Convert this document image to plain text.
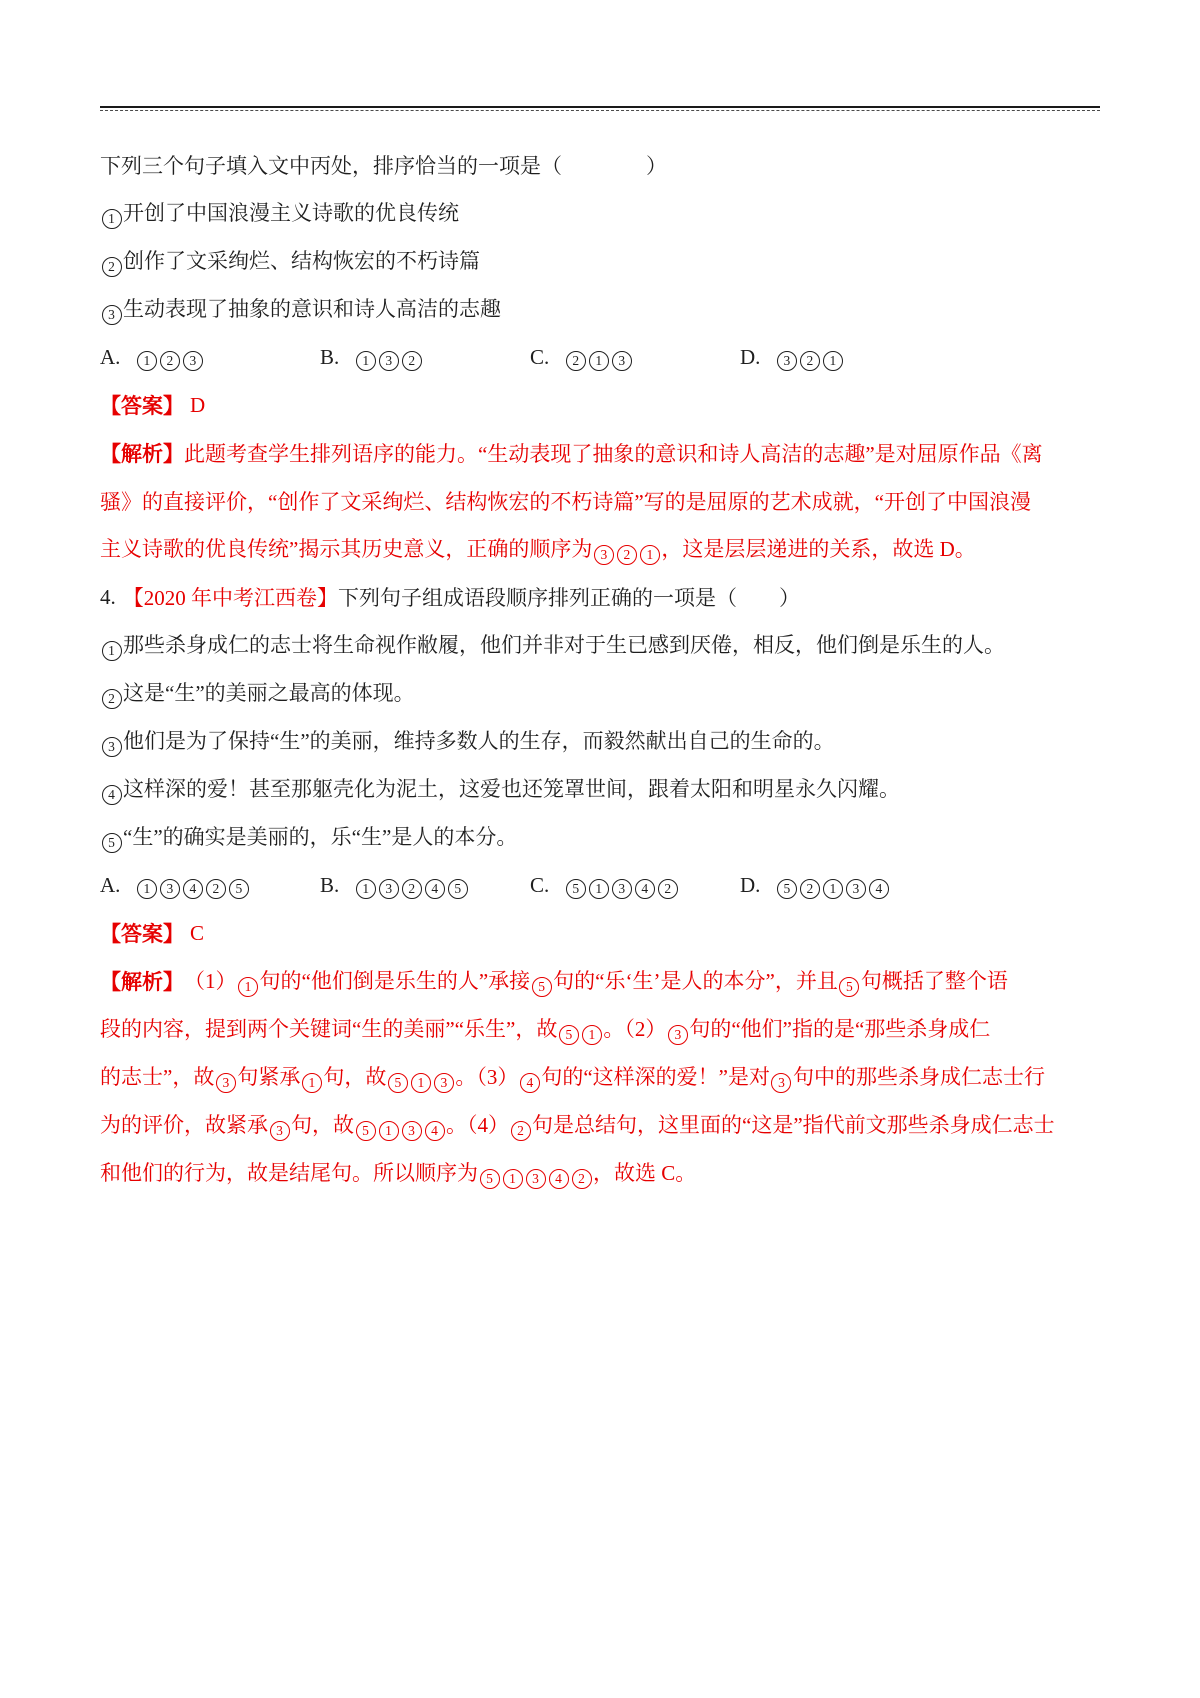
下列三个句子填入文中丙处，排序恰当的一项是（　　　　	）
1 开创了中国浪漫主义诗歌的优良传统
2 创作了文采绚烂、结构恢宏的不朽诗篇
3 生动表现了抽象的意识和诗人高洁的志趣
A.	1 2 3	B.	1 3 2	C.	2 1 3	D.	3 2 1
【答案】 D
【解析】 此题考查学生排列语序的能力。“生动表现了抽象的意识和诗人高洁的志趣”是对屈原作品《离
骚》的直接评价，“创作了文采绚烂、结构恢宏的不朽诗篇”写的是屈原的艺术成就，“开创了中国浪漫
主义诗歌的优良传统”揭示其历史意义，正确的顺序为 3 2 1 ，这是层层递进的关系，故选 D。
4. 【2020 年中考江西卷】 下列句子组成语段顺序排列正确的一项是（　　 ）
1 那些杀身成仁的志士将生命视作敝履，他们并非对于生已感到厌倦，相反，他们倒是乐生的人。
2 这是“生”的美丽之最高的体现。
3 他们是为了保持“生”的美丽，维持多数人的生存，而毅然献出自己的生命的。
4 这样深的爱！甚至那躯壳化为泥土，这爱也还笼罩世间，跟着太阳和明星永久闪耀。
5 “生”的确实是美丽的，乐“生”是人的本分。
A.	1 3 4 2 5	B.	1 3 2 4 5	C.	5 1 3 4 2	D.	5 2 1 3 4
【答案】 C
【解析】 （1） 1 句的“他们倒是乐生的人”承接 5 句的“乐‘生’是人的本分”，并且 5 句概括了整个语
段的内容，提到两个关键词“生的美丽”“乐生”，故 5 1 。（2） 3 句的“他们”指的是“那些杀身成仁
的志士”，故 3 句紧承 1 句，故 5 1 3 。（3） 4 句的“这样深的爱！”是对 3 句中的那些杀身成仁志士行
为的评价，故紧承 3 句，故 5 1 3 4 。（4） 2 句是总结句，这里面的“这是”指代前文那些杀身成仁志士
和他们的行为，故是结尾句。所以顺序为 5 1 3 4 2 ，故选 C。
